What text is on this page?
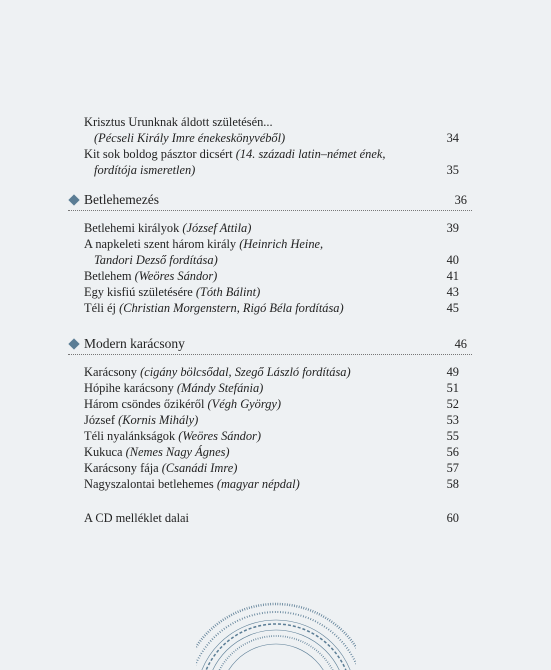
Krisztus Urunknak áldott születésén...
(Pécseli Király Imre énekeskönyvéből)	34
Kit sok boldog pásztor dicsért (14. századi latin–német ének,
fordítója ismeretlen)	35
Betlehemezés	36
Betlehemi királyok (József Attila)	39
A napkeleti szent három király (Heinrich Heine,
Tandori Dezső fordítása)	40
Betlehem (Weöres Sándor)	41
Egy kisfiú születésére (Tóth Bálint)	43
Téli éj (Christian Morgenstern, Rigó Béla fordítása)	45
Modern karácsony	46
Karácsony (cigány bölcsődal, Szegő László fordítása)	49
Hópihe karácsony (Mándy Stefánia)	51
Három csöndes őzikéről (Végh György)	52
József (Kornis Mihály)	53
Téli nyalánkságok (Weöres Sándor)	55
Kukuca (Nemes Nagy Ágnes)	56
Karácsony fája (Csanádi Imre)	57
Nagyszalontai betlehemes (magyar népdal)	58
A CD melléklet dalai	60
